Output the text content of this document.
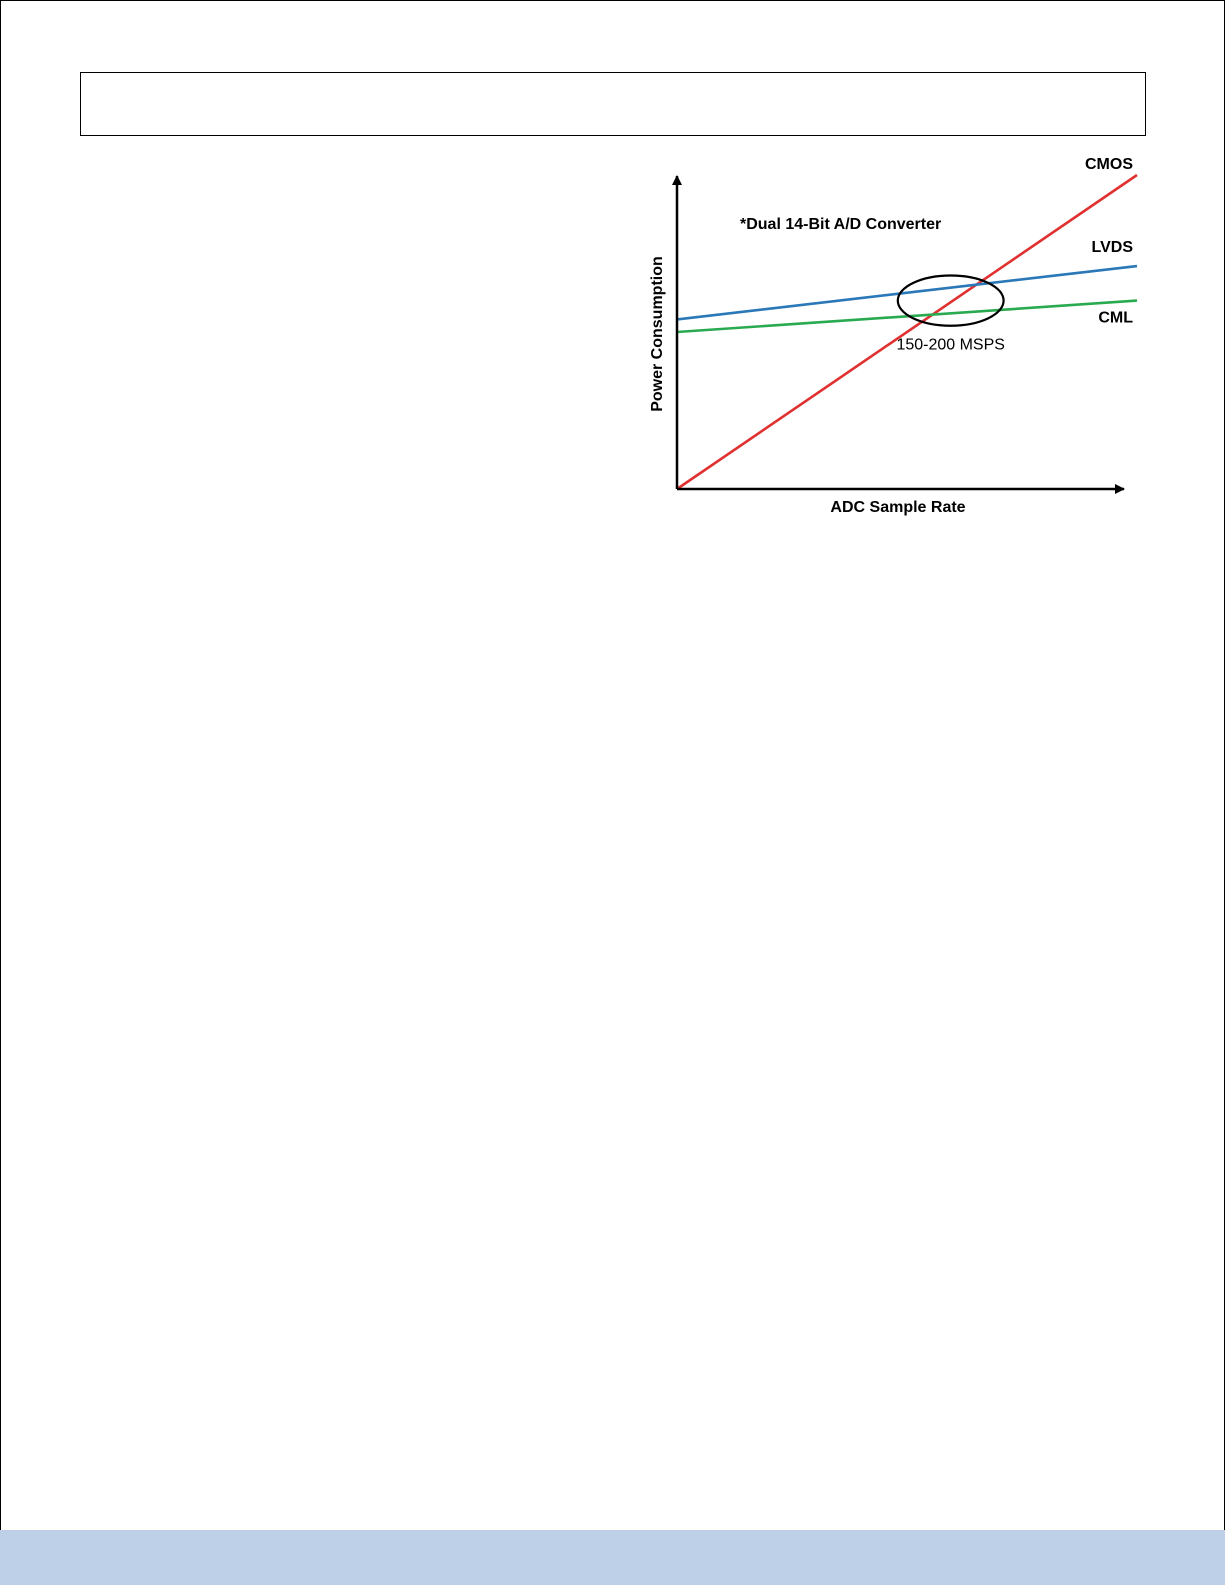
CMOS
LVDS
CML
*Dual 14-Bit A/D Converter
150-200 MSPS
ADC Sample Rate
Power Consumption
